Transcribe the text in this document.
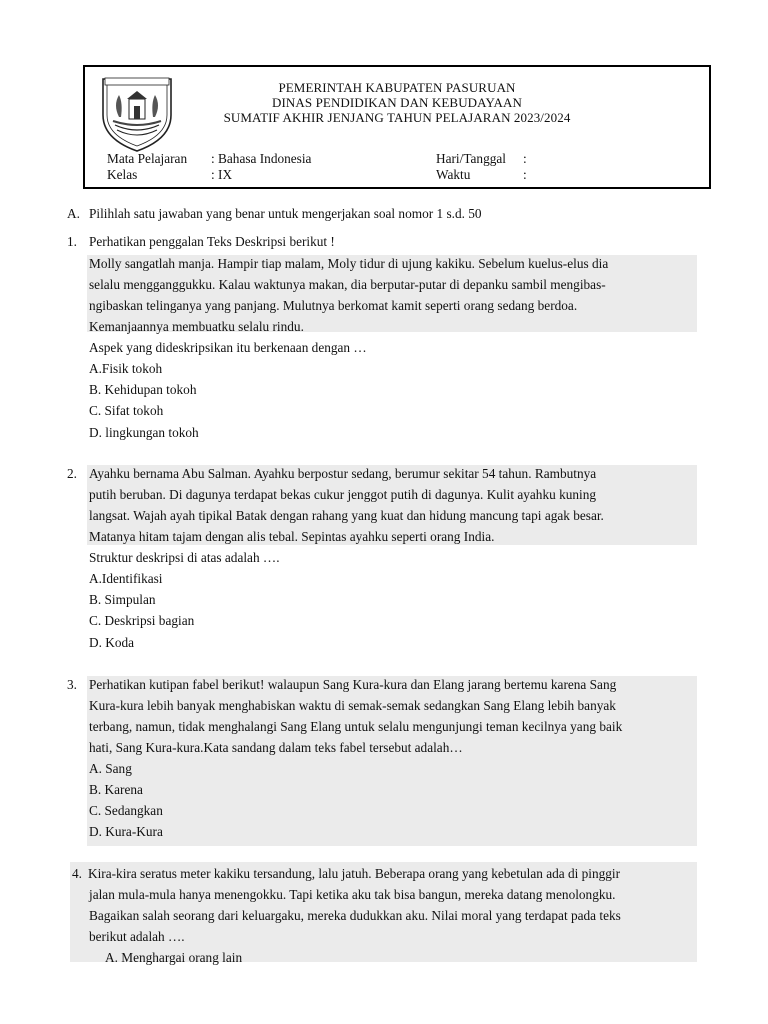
PEMERINTAH KABUPATEN PASURUAN
DINAS PENDIDIKAN DAN KEBUDAYAAN
SUMATIF AKHIR JENJANG TAHUN PELAJARAN 2023/2024
Mata Pelajaran : Bahasa Indonesia
Kelas	: IX
Hari/Tanggal :
Waktu	:
A. Pilihlah satu jawaban yang benar untuk mengerjakan soal nomor 1 s.d. 50
1. Perhatikan penggalan Teks Deskripsi berikut !
Molly sangatlah manja. Hampir tiap malam, Moly tidur di ujung kakiku. Sebelum kuelus-elus dia
selalu mengganggukku. Kalau waktunya makan, dia berputar-putar di depanku sambil mengibas-
ngibaskan telinganya yang panjang. Mulutnya berkomat kamit seperti orang sedang berdoa.
Kemanjaannya membuatku selalu rindu.
Aspek yang dideskripsikan itu berkenaan dengan …
A.Fisik tokoh
B. Kehidupan tokoh
C. Sifat tokoh
D. lingkungan tokoh
2. Ayahku bernama Abu Salman. Ayahku berpostur sedang, berumur sekitar 54 tahun. Rambutnya
putih beruban. Di dagunya terdapat bekas cukur jenggot putih di dagunya. Kulit ayahku kuning
langsat. Wajah ayah tipikal Batak dengan rahang yang kuat dan hidung mancung tapi agak besar.
Matanya hitam tajam dengan alis tebal. Sepintas ayahku seperti orang India.
Struktur deskripsi di atas adalah ….
A.Identifikasi
B. Simpulan
C. Deskripsi bagian
D. Koda
3. Perhatikan kutipan fabel berikut! walaupun Sang Kura-kura dan Elang jarang bertemu karena Sang
Kura-kura lebih banyak menghabiskan waktu di semak-semak sedangkan Sang Elang lebih banyak
terbang, namun, tidak menghalangi Sang Elang untuk selalu mengunjungi teman kecilnya yang baik
hati, Sang Kura-kura.Kata sandang dalam teks fabel tersebut adalah…
A. Sang
B. Karena
C. Sedangkan
D. Kura-Kura
4. Kira-kira seratus meter kakiku tersandung, lalu jatuh. Beberapa orang yang kebetulan ada di pinggir
jalan mula-mula hanya menengokku. Tapi ketika aku tak bisa bangun, mereka datang menolongku.
Bagaikan salah seorang dari keluargaku, mereka dudukkan aku. Nilai moral yang terdapat pada teks
berikut adalah ….
A. Menghargai orang lain
